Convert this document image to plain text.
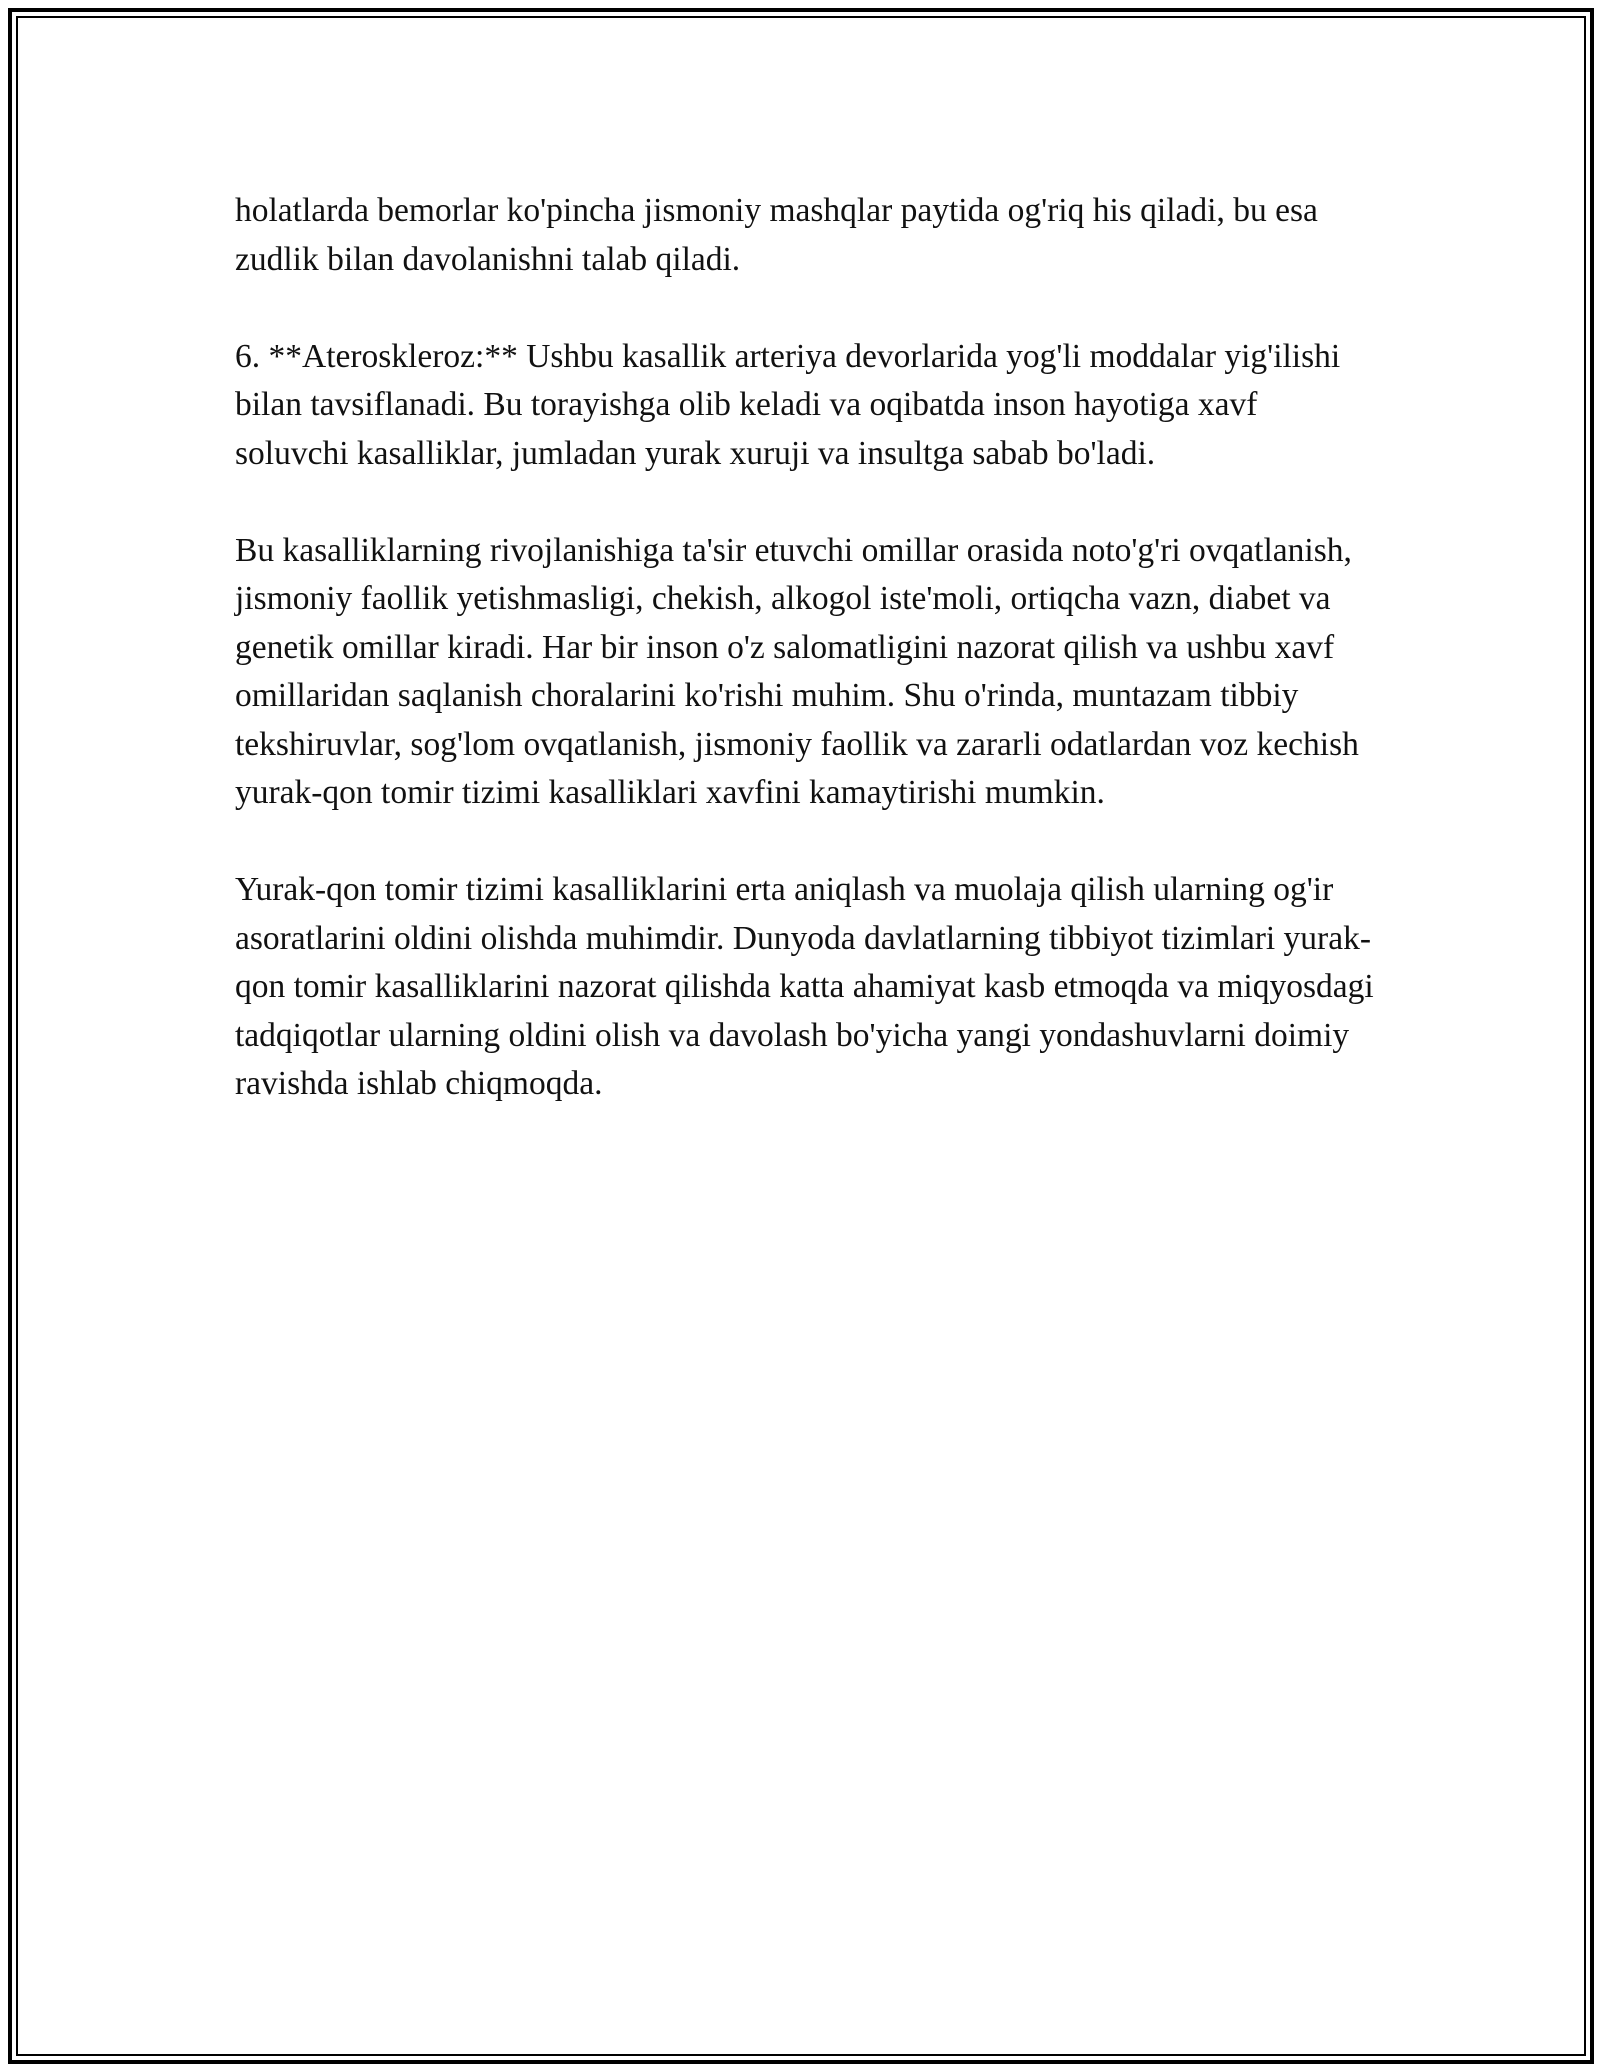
holatlarda bemorlar ko'pincha jismoniy mashqlar paytida og'riq his qiladi, bu esa zudlik bilan davolanishni talab qiladi.

6. **Ateroskleroz:** Ushbu kasallik arteriya devorlarida yog'li moddalar yig'ilishi bilan tavsiflanadi. Bu torayishga olib keladi va oqibatda inson hayotiga xavf soluvchi kasalliklar, jumladan yurak xuruji va insultga sabab bo'ladi.

Bu kasalliklarning rivojlanishiga ta'sir etuvchi omillar orasida noto'g'ri ovqatlanish, jismoniy faollik yetishmasligi, chekish, alkogol iste'moli, ortiqcha vazn, diabet va genetik omillar kiradi. Har bir inson o'z salomatligini nazorat qilish va ushbu xavf omillaridan saqlanish choralarini ko'rishi muhim. Shu o'rinda, muntazam tibbiy tekshiruvlar, sog'lom ovqatlanish, jismoniy faollik va zararli odatlardan voz kechish yurak-qon tomir tizimi kasalliklari xavfini kamaytirishi mumkin.

Yurak-qon tomir tizimi kasalliklarini erta aniqlash va muolaja qilish ularning og'ir asoratlarini oldini olishda muhimdir. Dunyoda davlatlarning tibbiyot tizimlari yurak-qon tomir kasalliklarini nazorat qilishda katta ahamiyat kasb etmoqda va miqyosdagi tadqiqotlar ularning oldini olish va davolash bo'yicha yangi yondashuvlarni doimiy ravishda ishlab chiqmoqda.
